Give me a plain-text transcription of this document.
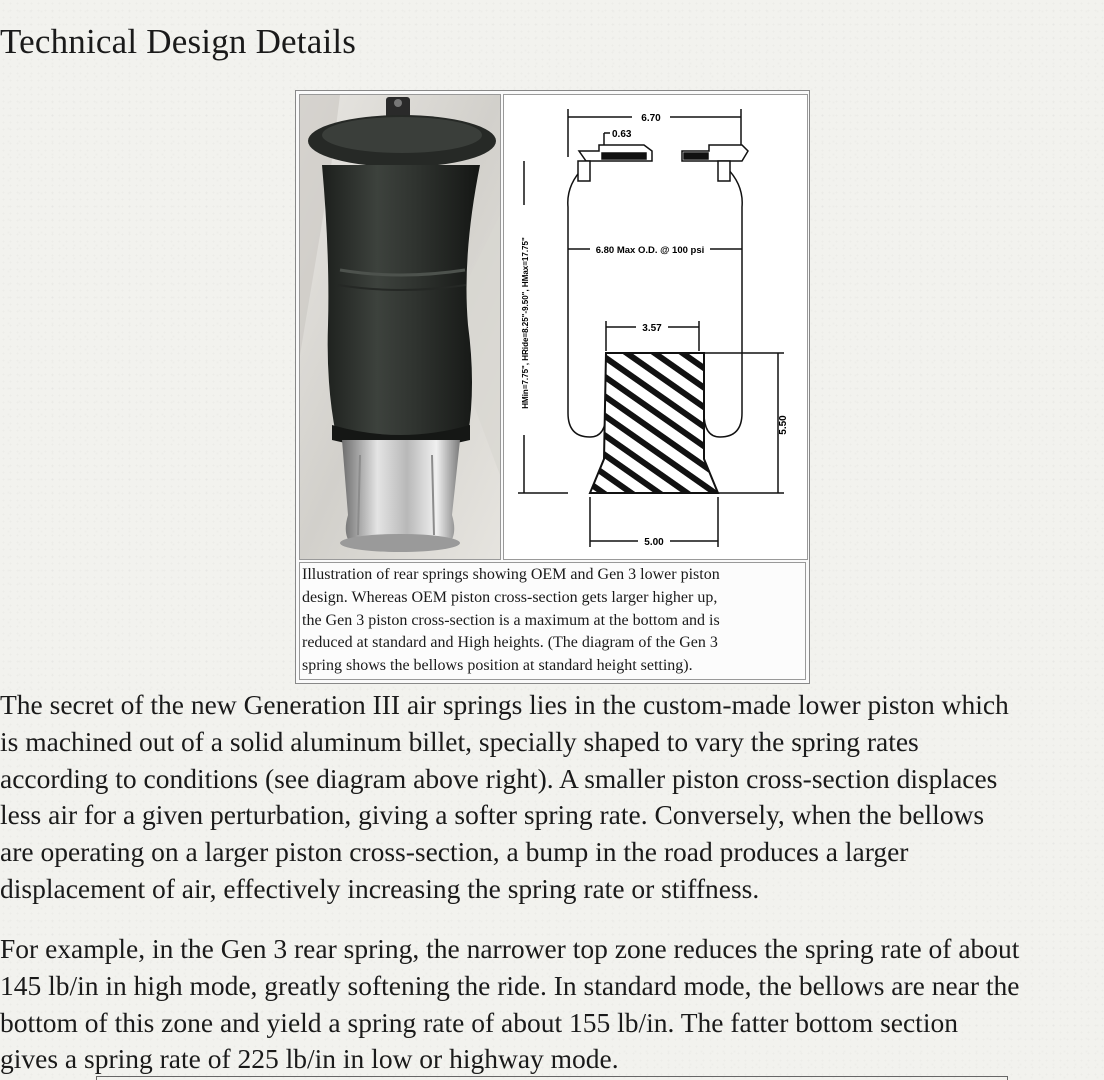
Technical Design Details
6.70
0.63
6.80 Max O.D. @ 100 psi
3.57
5.50
5.00
HMin=7.75", HRide=8.25"-9.50", HMax=17.75"
Illustration of rear springs showing OEM and Gen 3 lower piston
design. Whereas OEM piston cross-section gets larger higher up,
the Gen 3 piston cross-section is a maximum at the bottom and is
reduced at standard and High heights. (The diagram of the Gen 3
spring shows the bellows position at standard height setting).

The secret of the new Generation III air springs lies in the custom-made lower piston which
is machined out of a solid aluminum billet, specially shaped to vary the spring rates
according to conditions (see diagram above right). A smaller piston cross-section displaces
less air for a given perturbation, giving a softer spring rate. Conversely, when the bellows
are operating on a larger piston cross-section, a bump in the road produces a larger
displacement of air, effectively increasing the spring rate or stiffness.

For example, in the Gen 3 rear spring, the narrower top zone reduces the spring rate of about
145 lb/in in high mode, greatly softening the ride. In standard mode, the bellows are near the
bottom of this zone and yield a spring rate of about 155 lb/in. The fatter bottom section
gives a spring rate of 225 lb/in in low or highway mode.
